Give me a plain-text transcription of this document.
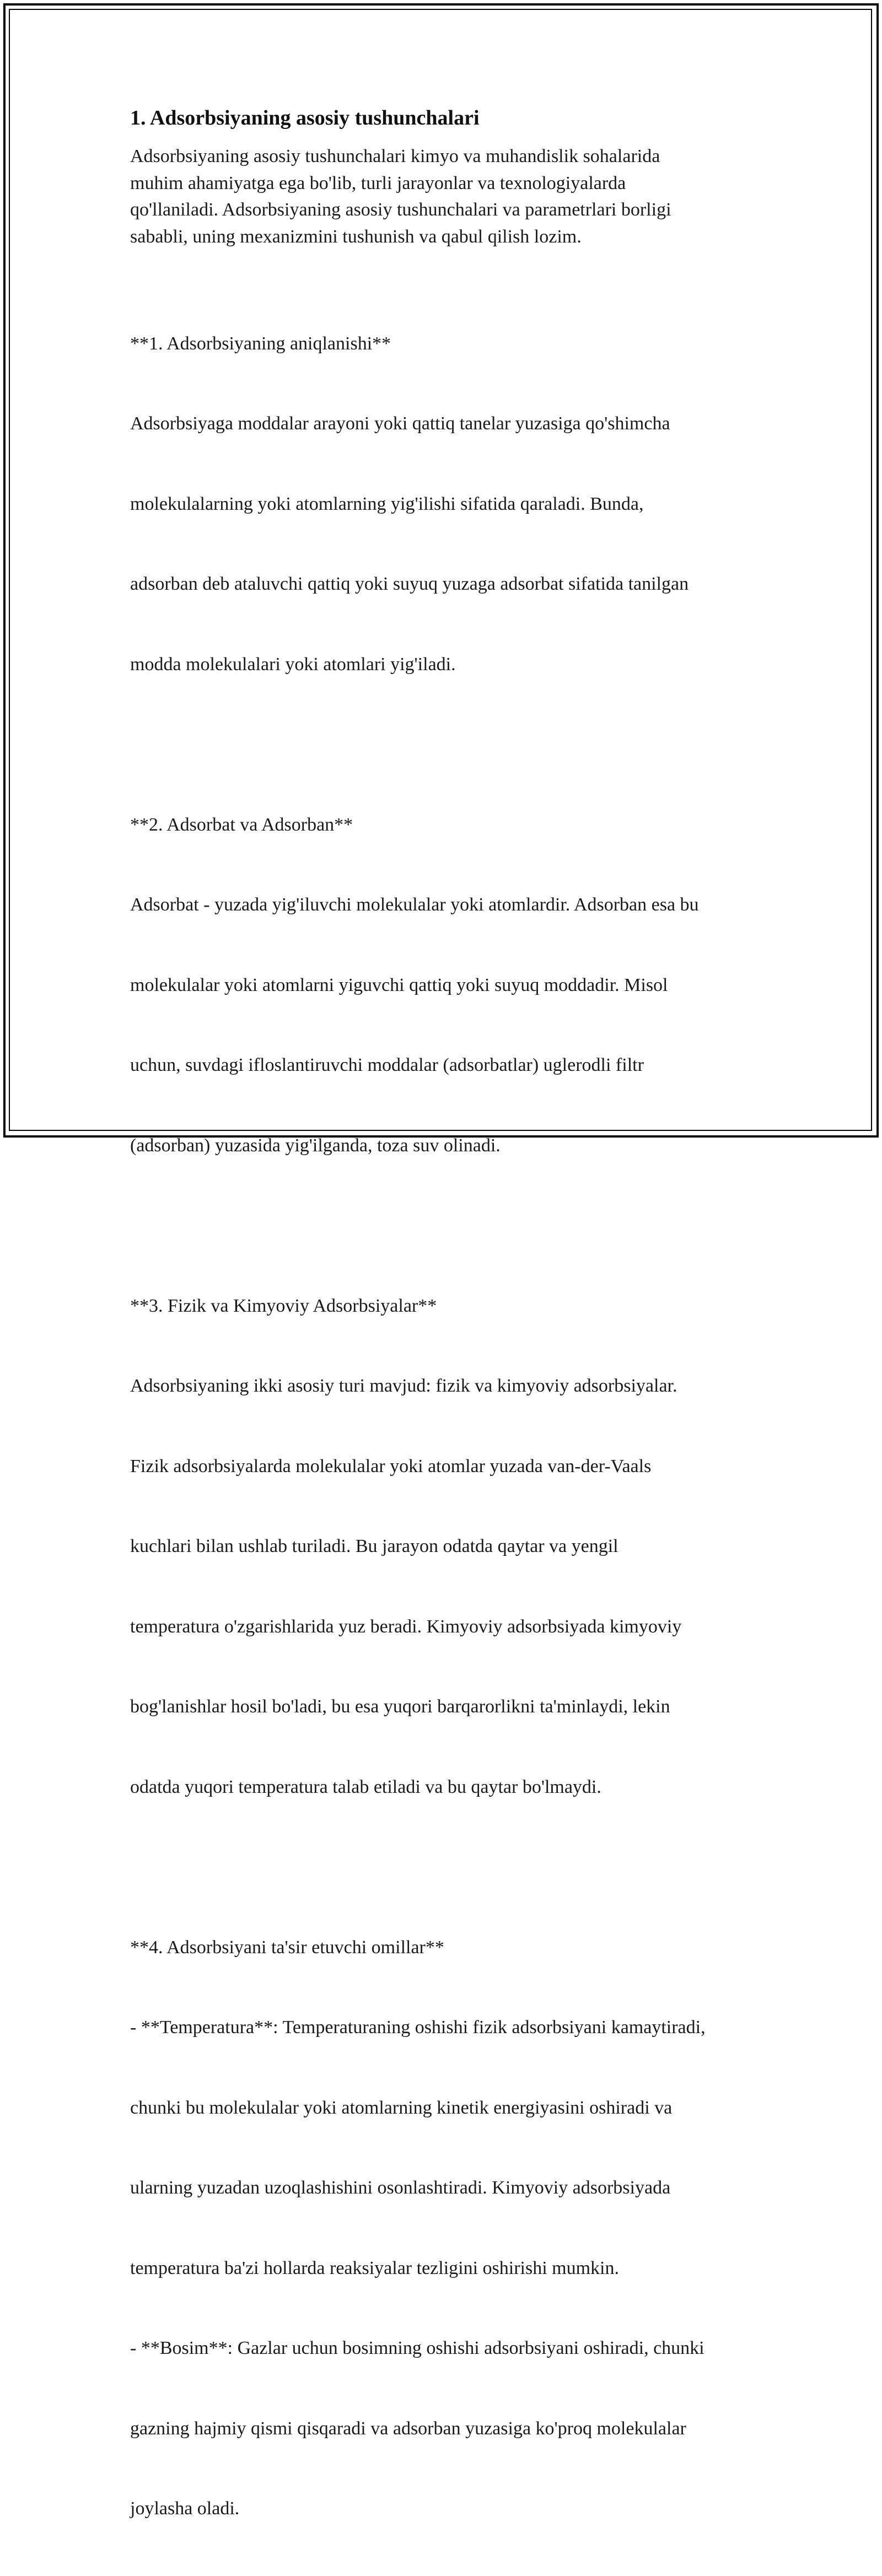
1. Adsorbsiyaning asosiy tushunchalari

Adsorbsiyaning asosiy tushunchalari kimyo va muhandislik sohalarida
muhim ahamiyatga ega bo'lib, turli jarayonlar va texnologiyalarda
qo'llaniladi. Adsorbsiyaning asosiy tushunchalari va parametrlari borligi
sababli, uning mexanizmini tushunish va qabul qilish lozim.

**1. Adsorbsiyaning aniqlanishi**

Adsorbsiyaga moddalar arayoni yoki qattiq tanelar yuzasiga qo'shimcha

molekulalarning yoki atomlarning yig'ilishi sifatida qaraladi. Bunda,

adsorban deb ataluvchi qattiq yoki suyuq yuzaga adsorbat sifatida tanilgan

modda molekulalari yoki atomlari yig'iladi.

**2. Adsorbat va Adsorban**

Adsorbat - yuzada yig'iluvchi molekulalar yoki atomlardir. Adsorban esa bu

molekulalar yoki atomlarni yiguvchi qattiq yoki suyuq moddadir. Misol

uchun, suvdagi ifloslantiruvchi moddalar (adsorbatlar) uglerodli filtr

(adsorban) yuzasida yig'ilganda, toza suv olinadi.

**3. Fizik va Kimyoviy Adsorbsiyalar**

Adsorbsiyaning ikki asosiy turi mavjud: fizik va kimyoviy adsorbsiyalar.

Fizik adsorbsiyalarda molekulalar yoki atomlar yuzada van-der-Vaals

kuchlari bilan ushlab turiladi. Bu jarayon odatda qaytar va yengil

temperatura o'zgarishlarida yuz beradi. Kimyoviy adsorbsiyada kimyoviy

bog'lanishlar hosil bo'ladi, bu esa yuqori barqarorlikni ta'minlaydi, lekin

odatda yuqori temperatura talab etiladi va bu qaytar bo'lmaydi.

**4. Adsorbsiyani ta'sir etuvchi omillar**

- **Temperatura**: Temperaturaning oshishi fizik adsorbsiyani kamaytiradi,

chunki bu molekulalar yoki atomlarning kinetik energiyasini oshiradi va

ularning yuzadan uzoqlashishini osonlashtiradi. Kimyoviy adsorbsiyada

temperatura ba'zi hollarda reaksiyalar tezligini oshirishi mumkin.

- **Bosim**: Gazlar uchun bosimning oshishi adsorbsiyani oshiradi, chunki

gazning hajmiy qismi qisqaradi va adsorban yuzasiga ko'proq molekulalar

joylasha oladi.
